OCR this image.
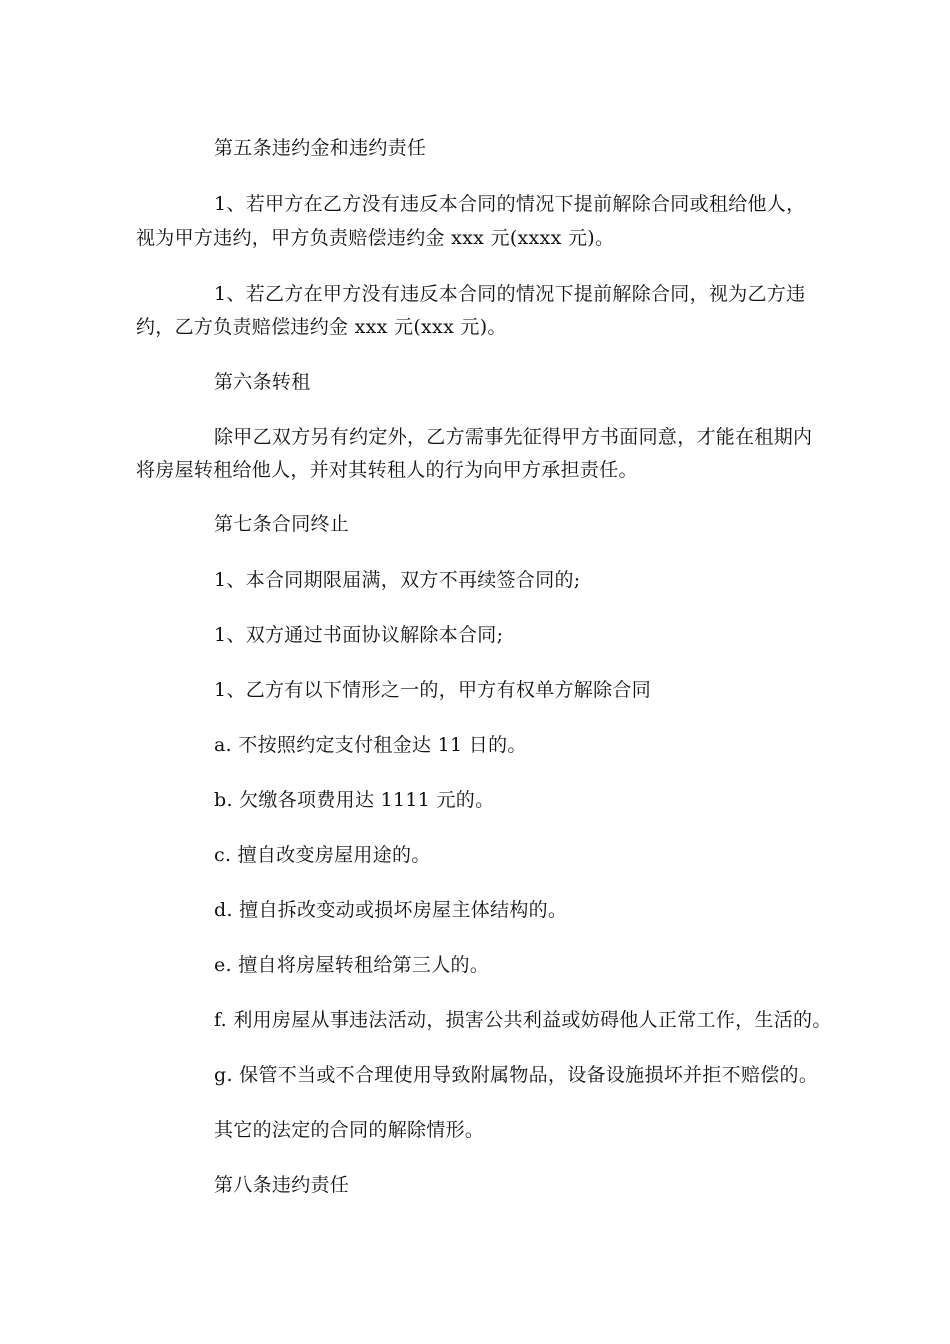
第五条违约金和违约责任
1、若甲方在乙方没有违反本合同的情况下提前解除合同或租给他人，
视为甲方违约，甲方负责赔偿违约金 xxx 元(xxxx 元)。
1、若乙方在甲方没有违反本合同的情况下提前解除合同，视为乙方违
约，乙方负责赔偿违约金 xxx 元(xxx 元)。
第六条转租
除甲乙双方另有约定外，乙方需事先征得甲方书面同意，才能在租期内
将房屋转租给他人，并对其转租人的行为向甲方承担责任。
第七条合同终止
1、本合同期限届满，双方不再续签合同的;
1、双方通过书面协议解除本合同;
1、乙方有以下情形之一的，甲方有权单方解除合同
a. 不按照约定支付租金达 11 日的。
b. 欠缴各项费用达 1111 元的。
c. 擅自改变房屋用途的。
d. 擅自拆改变动或损坏房屋主体结构的。
e. 擅自将房屋转租给第三人的。
f. 利用房屋从事违法活动，损害公共利益或妨碍他人正常工作，生活的。
g. 保管不当或不合理使用导致附属物品，设备设施损坏并拒不赔偿的。
其它的法定的合同的解除情形。
第八条违约责任
